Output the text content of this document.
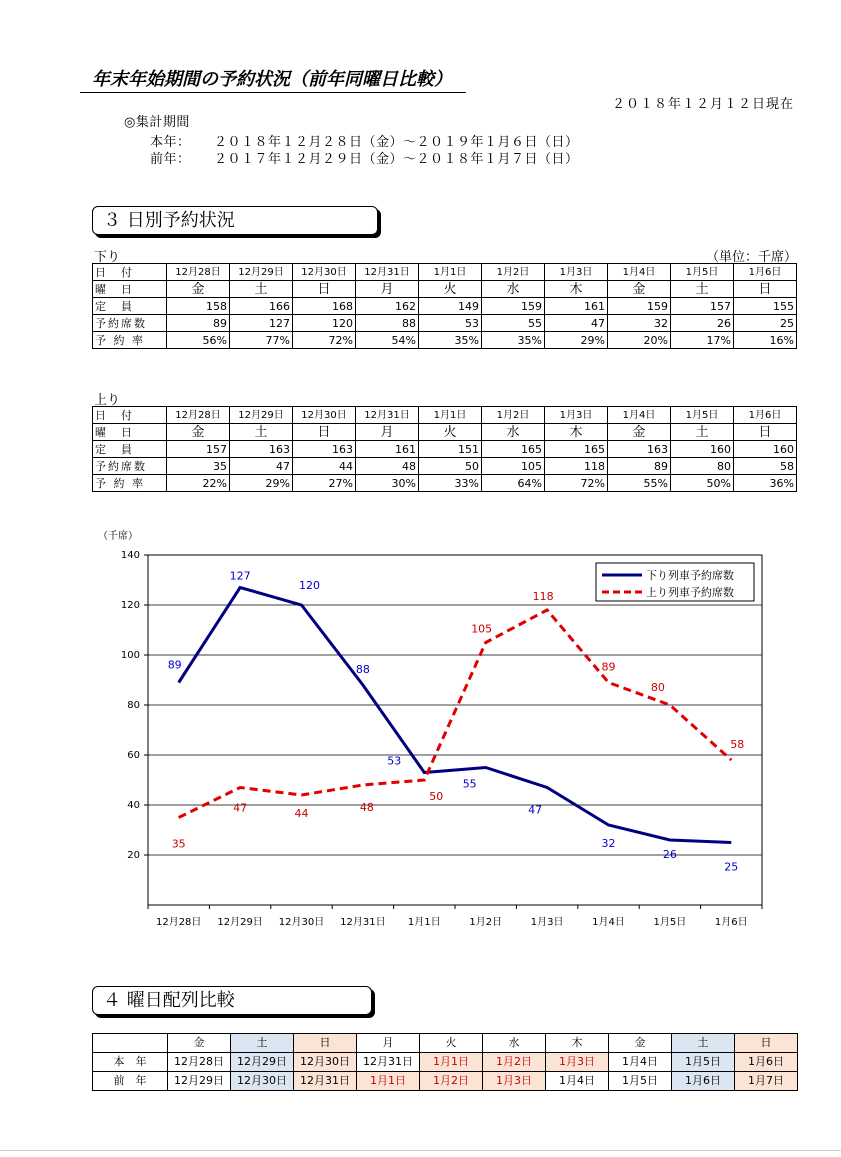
年末年始期間の予約状況（前年同曜日比較）
２０１８年１２月１２日現在
◎集計期間
本年： ２０１８年１２月２８日（金）～２０１９年１月６日（日）
前年： ２０１７年１２月２９日（金）～２０１８年１月７日（日）
３ 日別予約状況
下り	（単位：千席）
日　付	12月28日	12月29日	12月30日	12月31日	1月1日	1月2日	1月3日	1月4日	1月5日	1月6日
曜　日	金	土	日	月	火	水	木	金	土	日
定　員	158	166	168	162	149	159	161	159	157	155
予約席数	89	127	120	88	53	55	47	32	26	25
予 約 率	56%	77%	72%	54%	35%	35%	29%	20%	17%	16%
上り
日　付	12月28日	12月29日	12月30日	12月31日	1月1日	1月2日	1月3日	1月4日	1月5日	1月6日
曜　日	金	土	日	月	火	水	木	金	土	日
定　員	157	163	163	161	151	165	165	163	160	160
予約席数	35	47	44	48	50	105	118	89	80	58
予 約 率	22%	29%	27%	30%	33%	64%	72%	55%	50%	36%
（千席）
20
40
60
80
100
120
140
12月28日 12月29日 12月30日 12月31日 1月1日	1月2日	1月3日	1月4日	1月5日	1月6日
89
127
120
88
53
55
47
32
26
25
35
47	44	48
50
105
118
89
80
58
下り列車予約席数
上り列車予約席数
４ 曜日配列比較
	金	土	日	月	火	水	木	金	土	日
本　年	12月28日	12月29日	12月30日	12月31日	1月1日	1月2日	1月3日	1月4日	1月5日	1月6日
前　年	12月29日	12月30日	12月31日	1月1日	1月2日	1月3日	1月4日	1月5日	1月6日	1月7日
